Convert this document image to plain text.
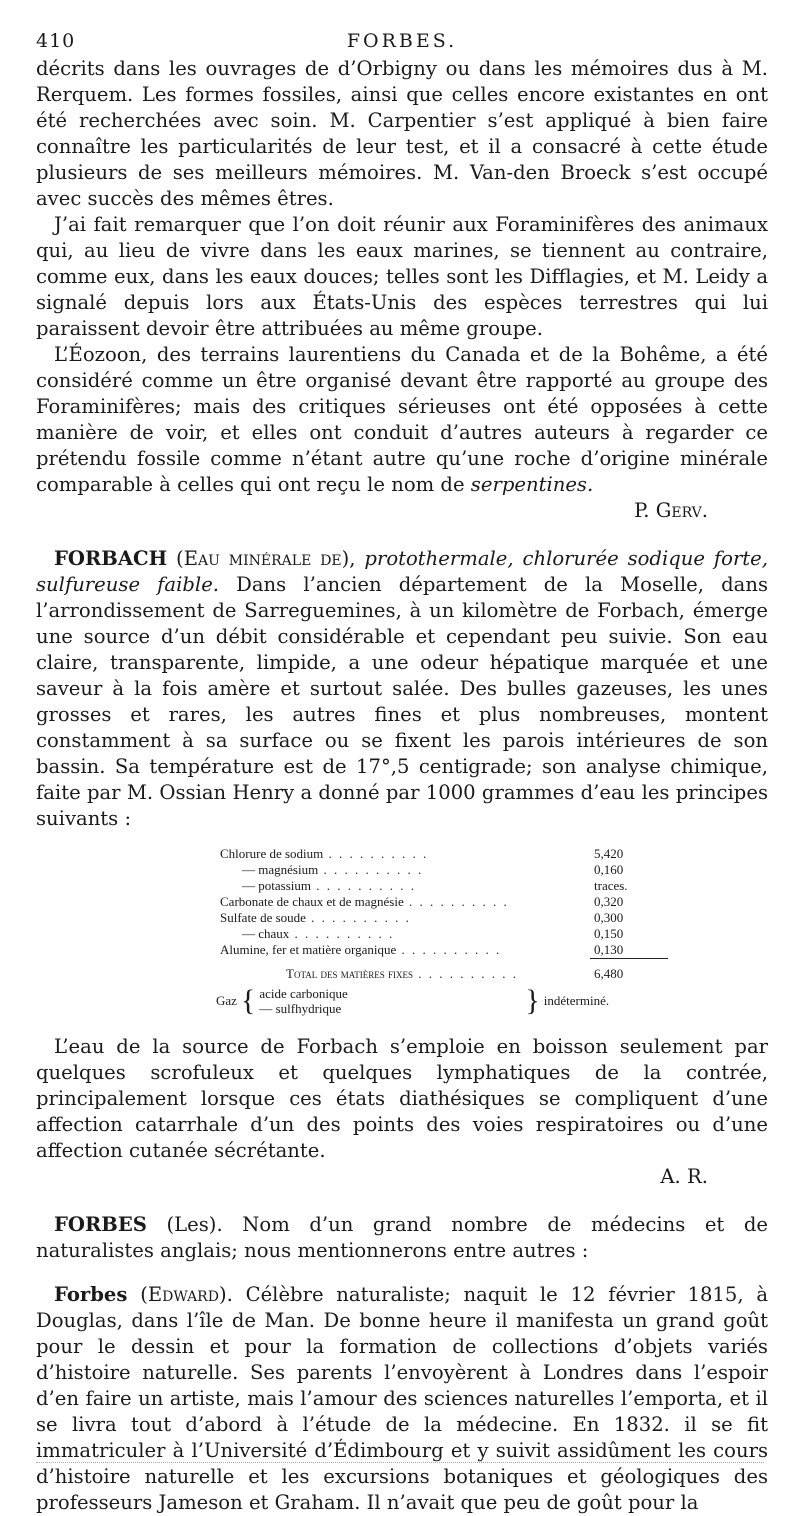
410	FORBES.

décrits dans les ouvrages de d’Orbigny ou dans les mémoires dus à M. Rerquem. Les formes fossiles, ainsi que celles encore existantes en ont été recherchées avec soin. M. Carpentier s’est appliqué à bien faire connaître les particularités de leur test, et il a consacré à cette étude plusieurs de ses meilleurs mémoires. M. Van-den Broeck s’est occupé avec succès des mêmes êtres.

J’ai fait remarquer que l’on doit réunir aux Foraminifères des animaux qui, au lieu de vivre dans les eaux marines, se tiennent au contraire, comme eux, dans les eaux douces; telles sont les Difflagies, et M. Leidy a signalé depuis lors aux États-Unis des espèces terrestres qui lui paraissent devoir être attribuées au même groupe.

L’Éozoon, des terrains laurentiens du Canada et de la Bohême, a été considéré comme un être organisé devant être rapporté au groupe des Foraminifères; mais des critiques sérieuses ont été opposées à cette manière de voir, et elles ont conduit d’autres auteurs à regarder ce prétendu fossile comme n’étant autre qu’une roche d’origine minérale comparable à celles qui ont reçu le nom de serpentines.

P. Gerv.

FORBACH (Eau minérale de), protothermale, chlorurée sodique forte, sulfureuse faible. Dans l’ancien département de la Moselle, dans l’arrondissement de Sarreguemines, à un kilomètre de Forbach, émerge une source d’un débit considérable et cependant peu suivie. Son eau claire, transparente, limpide, a une odeur hépatique marquée et une saveur à la fois amère et surtout salée. Des bulles gazeuses, les unes grosses et rares, les autres fines et plus nombreuses, montent constamment à sa surface ou se fixent les parois intérieures de son bassin. Sa température est de 17°,5 centigrade; son analyse chimique, faite par M. Ossian Henry a donné par 1000 grammes d’eau les principes suivants :

Chlorure de sodium . . . . . . . . . .	5,420
— magnésium . . . . . . . . . .	0,160
— potassium . . . . . . . . . .	traces.
Carbonate de chaux et de magnésie . . . . . . . . . .	0,320
Sulfate de soude . . . . . . . . . .	0,300
— chaux . . . . . . . . . .	0,150
Alumine, fer et matière organique . . . . . . . . . .	0,130
Total des matières fixes . . . . . . . . . .	6,480
Gaz { acide carbonique
— sulfhydrique	} indéterminé.

L’eau de la source de Forbach s’emploie en boisson seulement par quelques scrofuleux et quelques lymphatiques de la contrée, principalement lorsque ces états diathésiques se compliquent d’une affection catarrhale d’un des points des voies respiratoires ou d’une affection cutanée sécrétante.

A. R.

FORBES (Les). Nom d’un grand nombre de médecins et de naturalistes anglais; nous mentionnerons entre autres :

Forbes (Edward). Célèbre naturaliste; naquit le 12 février 1815, à Douglas, dans l’île de Man. De bonne heure il manifesta un grand goût pour le dessin et pour la formation de collections d’objets variés d’histoire naturelle. Ses parents l’envoyèrent à Londres dans l’espoir d’en faire un artiste, mais l’amour des sciences naturelles l’emporta, et il se livra tout d’abord à l’étude de la médecine. En 1832. il se fit immatriculer à l’Université d’Édimbourg et y suivit assidûment les cours d’histoire naturelle et les excursions botaniques et géologiques des professeurs Jameson et Graham. Il n’avait que peu de goût pour la
